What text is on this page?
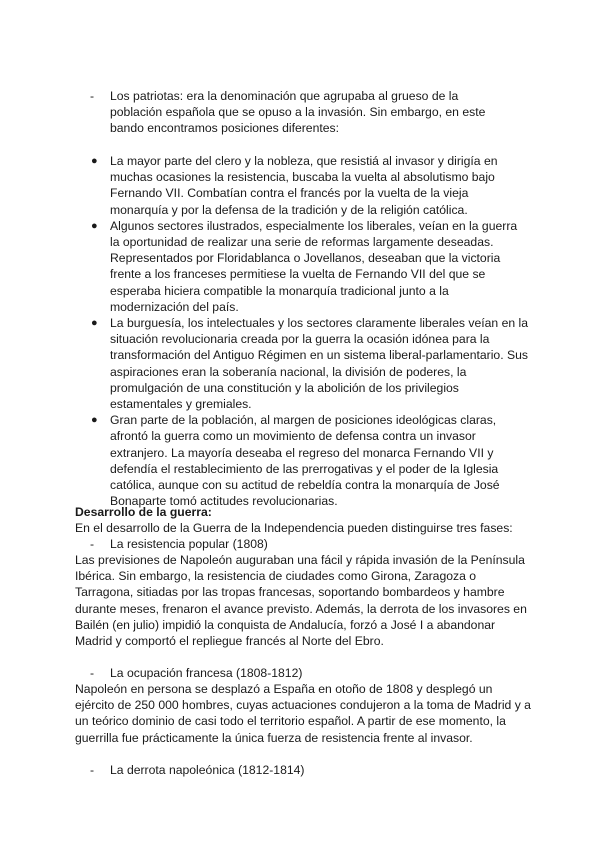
- Los patriotas: era la denominación que agrupaba al grueso de la población española que se opuso a la invasión. Sin embargo, en este bando encontramos posiciones diferentes:
● La mayor parte del clero y la nobleza, que resistiá al invasor y dirigía en muchas ocasiones la resistencia, buscaba la vuelta al absolutismo bajo Fernando VII. Combatían contra el francés por la vuelta de la vieja monarquía y por la defensa de la tradición y de la religión católica.
● Algunos sectores ilustrados, especialmente los liberales, veían en la guerra la oportunidad de realizar una serie de reformas largamente deseadas. Representados por Floridablanca o Jovellanos, deseaban que la victoria frente a los franceses permitiese la vuelta de Fernando VII del que se esperaba hiciera compatible la monarquía tradicional junto a la modernización del país.
● La burguesía, los intelectuales y los sectores claramente liberales veían en la situación revolucionaria creada por la guerra la ocasión idónea para la transformación del Antiguo Régimen en un sistema liberal-parlamentario. Sus aspiraciones eran la soberanía nacional, la división de poderes, la promulgación de una constitución y la abolición de los privilegios estamentales y gremiales.
● Gran parte de la población, al margen de posiciones ideológicas claras, afrontó la guerra como un movimiento de defensa contra un invasor extranjero. La mayoría deseaba el regreso del monarca Fernando VII y defendía el restablecimiento de las prerrogativas y el poder de la Iglesia católica, aunque con su actitud de rebeldía contra la monarquía de José Bonaparte tomó actitudes revolucionarias.
Desarrollo de la guerra:
En el desarrollo de la Guerra de la Independencia pueden distinguirse tres fases:
- La resistencia popular (1808)
Las previsiones de Napoleón auguraban una fácil y rápida invasión de la Península Ibérica. Sin embargo, la resistencia de ciudades como Girona, Zaragoza o Tarragona, sitiadas por las tropas francesas, soportando bombardeos y hambre durante meses, frenaron el avance previsto. Además, la derrota de los invasores en Bailén (en julio) impidió la conquista de Andalucía, forzó a José I a abandonar Madrid y comportó el repliegue francés al Norte del Ebro.
- La ocupación francesa (1808-1812)
Napoleón en persona se desplazó a España en otoño de 1808 y desplegó un ejército de 250 000 hombres, cuyas actuaciones condujeron a la toma de Madrid y a un teórico dominio de casi todo el territorio español. A partir de ese momento, la guerrilla fue prácticamente la única fuerza de resistencia frente al invasor.
- La derrota napoleónica (1812-1814)
